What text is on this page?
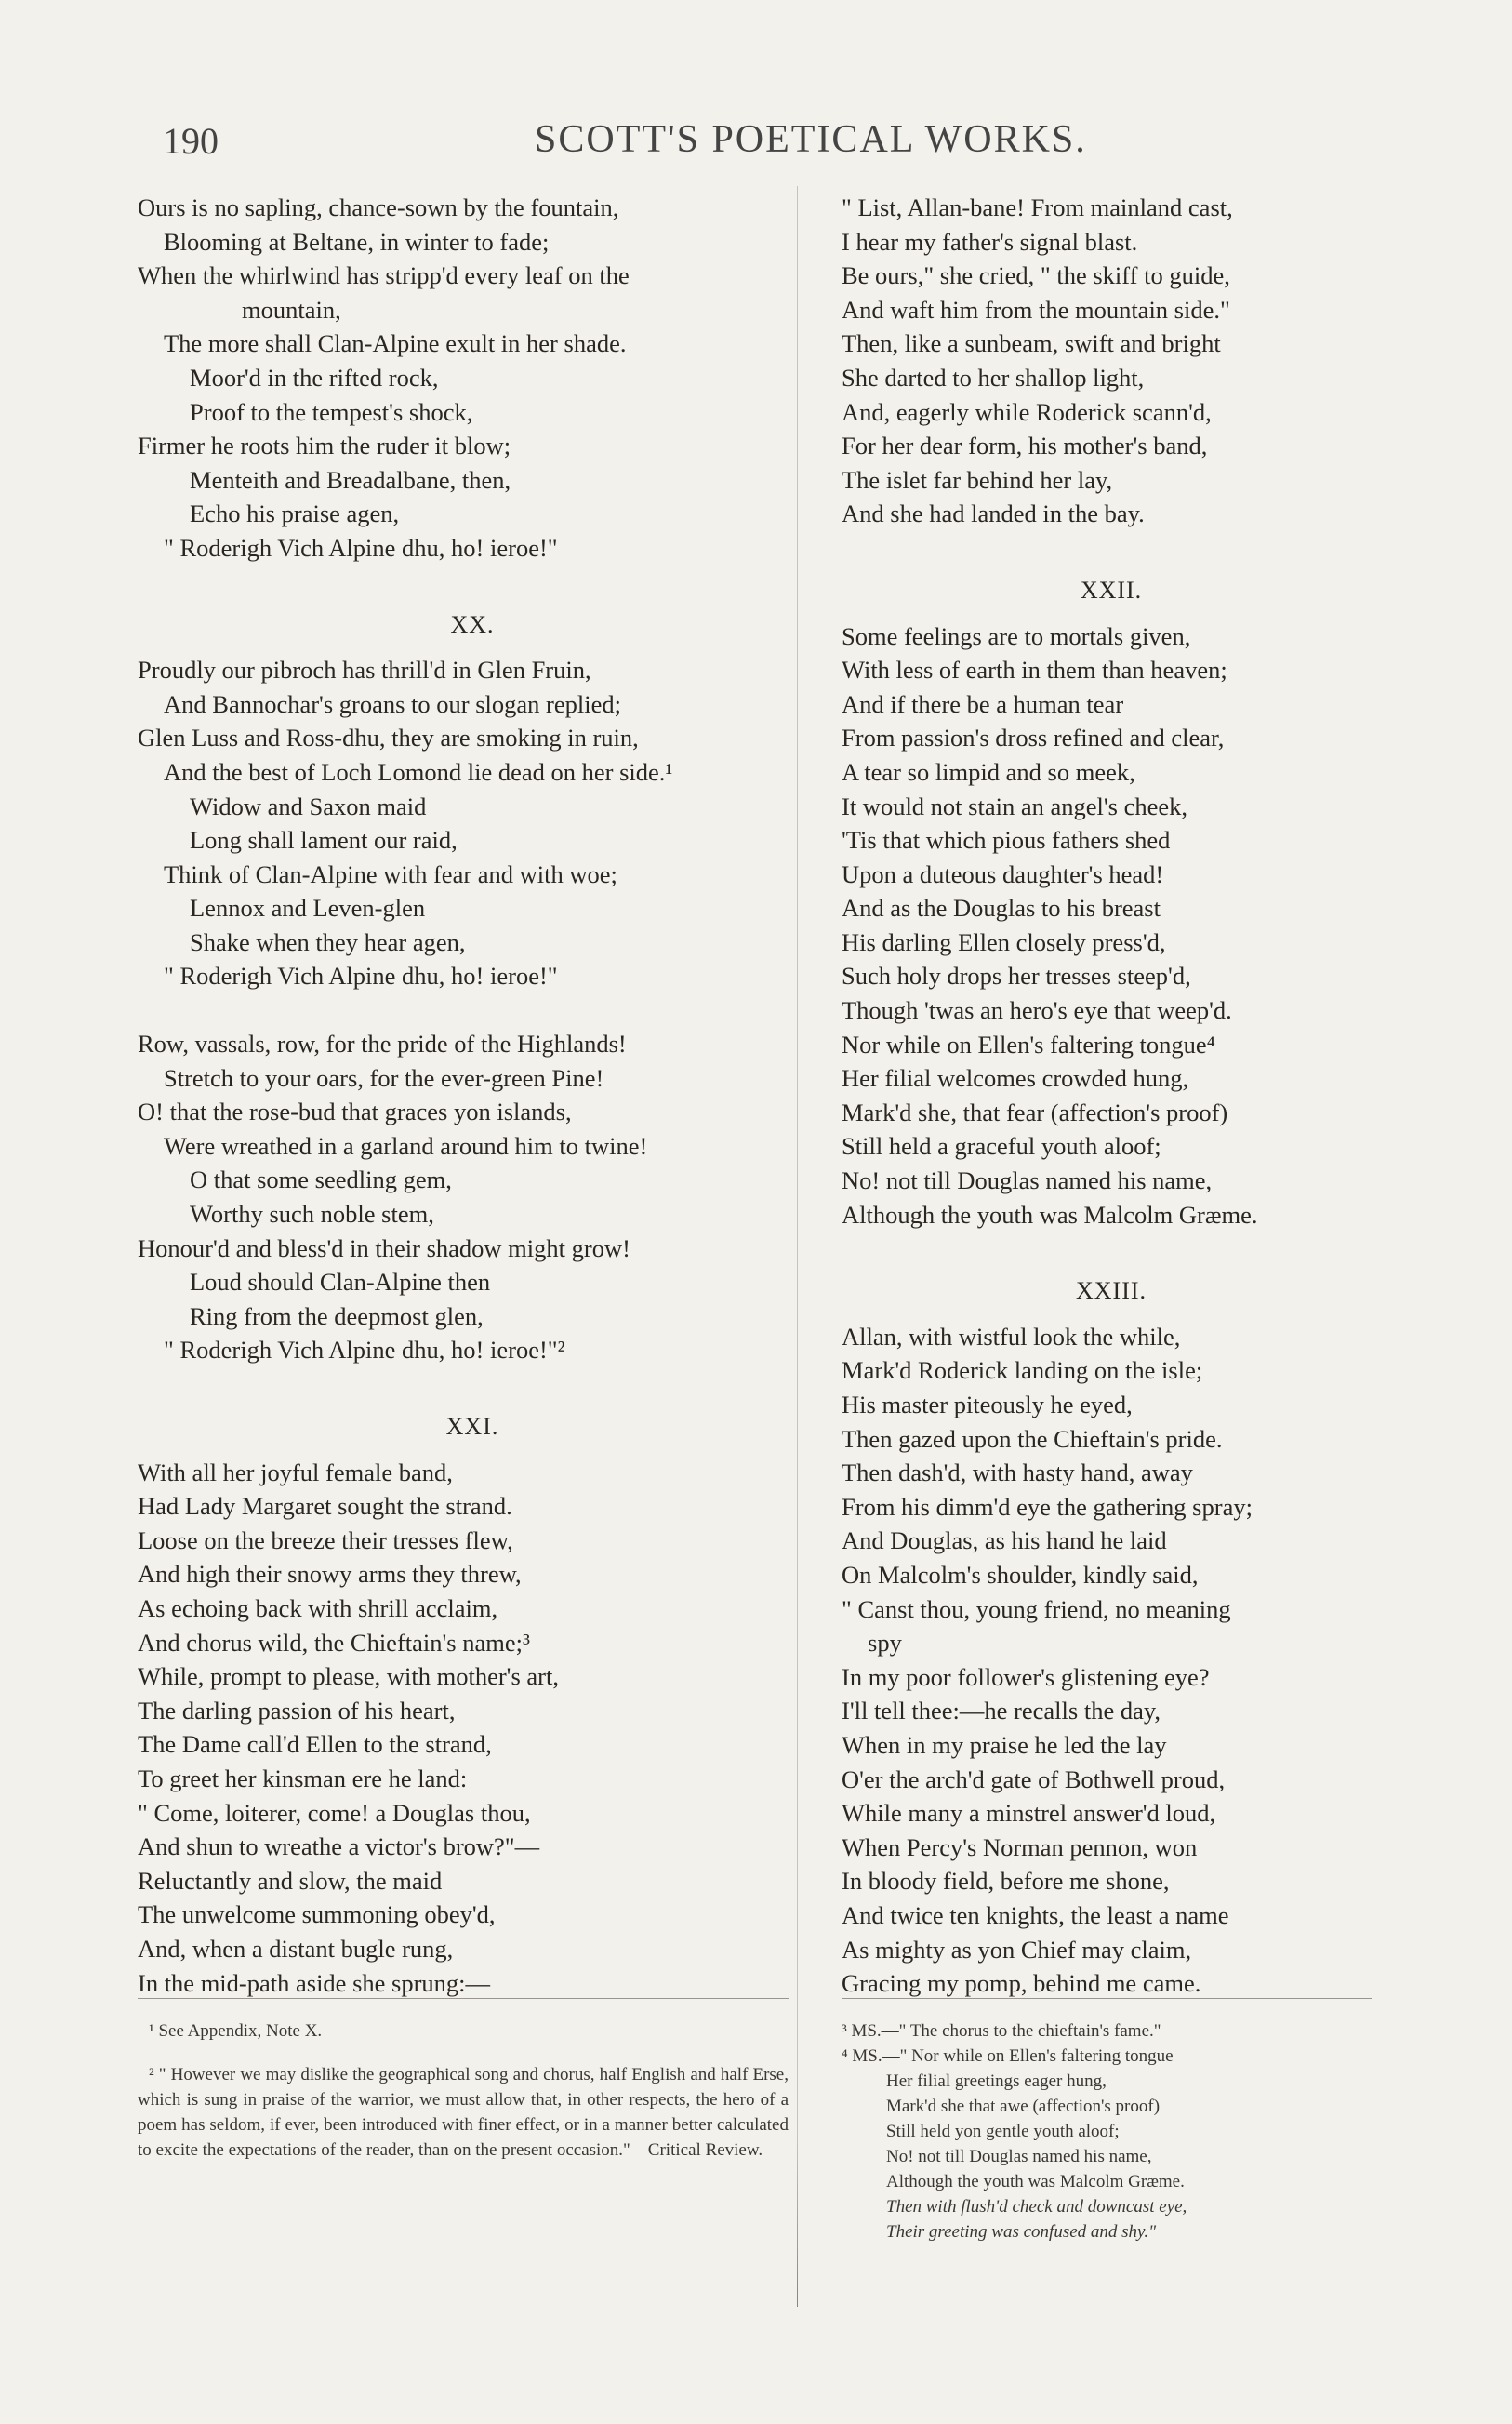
190	SCOTT'S POETICAL WORKS.
Ours is no sapling, chance-sown by the fountain,
Blooming at Beltane, in winter to fade;
When the whirlwind has stripp'd every leaf on the
mountain,
The more shall Clan-Alpine exult in her shade.
Moor'd in the rifted rock,
Proof to the tempest's shock,
Firmer he roots him the ruder it blow;
Menteith and Breadalbane, then,
Echo his praise agen,
" Roderigh Vich Alpine dhu, ho! ieroe!"
XX.
Proudly our pibroch has thrill'd in Glen Fruin,
And Bannochar's groans to our slogan replied;
Glen Luss and Ross-dhu, they are smoking in ruin,
And the best of Loch Lomond lie dead on her side.¹
Widow and Saxon maid
Long shall lament our raid,
Think of Clan-Alpine with fear and with woe;
Lennox and Leven-glen
Shake when they hear agen,
" Roderigh Vich Alpine dhu, ho! ieroe!"
Row, vassals, row, for the pride of the Highlands!
Stretch to your oars, for the ever-green Pine!
O! that the rose-bud that graces yon islands,
Were wreathed in a garland around him to twine!
O that some seedling gem,
Worthy such noble stem,
Honour'd and bless'd in their shadow might grow!
Loud should Clan-Alpine then
Ring from the deepmost glen,
" Roderigh Vich Alpine dhu, ho! ieroe!"²
XXI.
With all her joyful female band,
Had Lady Margaret sought the strand.
Loose on the breeze their tresses flew,
And high their snowy arms they threw,
As echoing back with shrill acclaim,
And chorus wild, the Chieftain's name;³
While, prompt to please, with mother's art,
The darling passion of his heart,
The Dame call'd Ellen to the strand,
To greet her kinsman ere he land:
" Come, loiterer, come! a Douglas thou,
And shun to wreathe a victor's brow?"—
Reluctantly and slow, the maid
The unwelcome summoning obey'd,
And, when a distant bugle rung,
In the mid-path aside she sprung:—
" List, Allan-bane! From mainland cast,
I hear my father's signal blast.
Be ours," she cried, " the skiff to guide,
And waft him from the mountain side."
Then, like a sunbeam, swift and bright
She darted to her shallop light,
And, eagerly while Roderick scann'd,
For her dear form, his mother's band,
The islet far behind her lay,
And she had landed in the bay.
XXII.
Some feelings are to mortals given,
With less of earth in them than heaven;
And if there be a human tear
From passion's dross refined and clear,
A tear so limpid and so meek,
It would not stain an angel's cheek,
'Tis that which pious fathers shed
Upon a duteous daughter's head!
And as the Douglas to his breast
His darling Ellen closely press'd,
Such holy drops her tresses steep'd,
Though 'twas an hero's eye that weep'd.
Nor while on Ellen's faltering tongue⁴
Her filial welcomes crowded hung,
Mark'd she, that fear (affection's proof)
Still held a graceful youth aloof;
No! not till Douglas named his name,
Although the youth was Malcolm Græme.
XXIII.
Allan, with wistful look the while,
Mark'd Roderick landing on the isle;
His master piteously he eyed,
Then gazed upon the Chieftain's pride.
Then dash'd, with hasty hand, away
From his dimm'd eye the gathering spray;
And Douglas, as his hand he laid
On Malcolm's shoulder, kindly said,
" Canst thou, young friend, no meaning
spy
In my poor follower's glistening eye?
I'll tell thee:—he recalls the day,
When in my praise he led the lay
O'er the arch'd gate of Bothwell proud,
While many a minstrel answer'd loud,
When Percy's Norman pennon, won
In bloody field, before me shone,
And twice ten knights, the least a name
As mighty as yon Chief may claim,
Gracing my pomp, behind me came.
¹ See Appendix, Note X.
² " However we may dislike the geographical song and chorus, half English and half Erse, which is sung in praise of the warrior, we must allow that, in other respects, the hero of a poem has seldom, if ever, been introduced with finer effect, or in a manner better calculated to excite the expectations of the reader, than on the present occasion."—Critical Review.
³ MS.—" The chorus to the chieftain's fame."
⁴ MS.—" Nor while on Ellen's faltering tongue
Her filial greetings eager hung,
Mark'd she that awe (affection's proof)
Still held yon gentle youth aloof;
No! not till Douglas named his name,
Although the youth was Malcolm Græme.
Then with flush'd check and downcast eye,
Their greeting was confused and shy."
